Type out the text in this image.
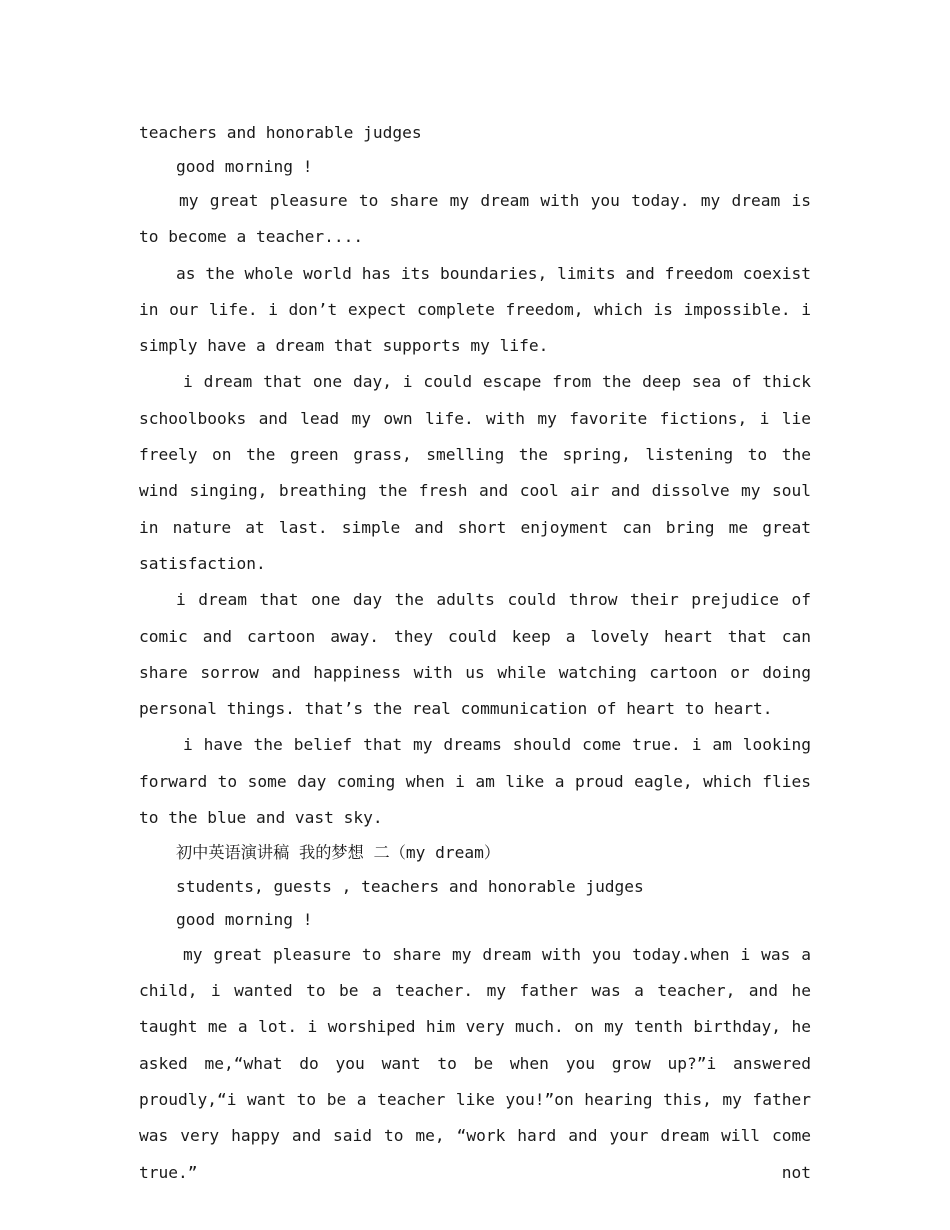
teachers and honorable judges

good morning !

my great pleasure to share my dream with you today. my dream is to become a teacher....

as the whole world has its boundaries, limits and freedom coexist in our life. i don’t expect complete freedom, which is impossible. i simply have a dream that supports my life.

i dream that one day, i could escape from the deep sea of thick schoolbooks and lead my own life. with my favorite fictions, i lie freely on the green grass, smelling the spring, listening to the wind singing, breathing the fresh and cool air and dissolve my soul in nature at last. simple and short enjoyment can bring me great satisfaction.

i dream that one day the adults could throw their prejudice of comic and cartoon away. they could keep a lovely heart that can share sorrow and happiness with us while watching cartoon or doing personal things. that’s the real communication of heart to heart.

i have the belief that my dreams should come true. i am looking forward to some day coming when i am like a proud eagle, which flies to the blue and vast sky.

初中英语演讲稿 我的梦想 二（my dream）

students, guests , teachers and honorable judges

good morning !

my great pleasure to share my dream with you today.when i was a child, i wanted to be a teacher. my father was a teacher, and he taught me a lot. i worshiped him very much. on my tenth birthday, he asked me,“what do you want to be when you grow up?”i answered proudly,“i want to be a teacher like you!”on hearing this, my father was very happy and said to me, “work hard and your dream will come true.” not
